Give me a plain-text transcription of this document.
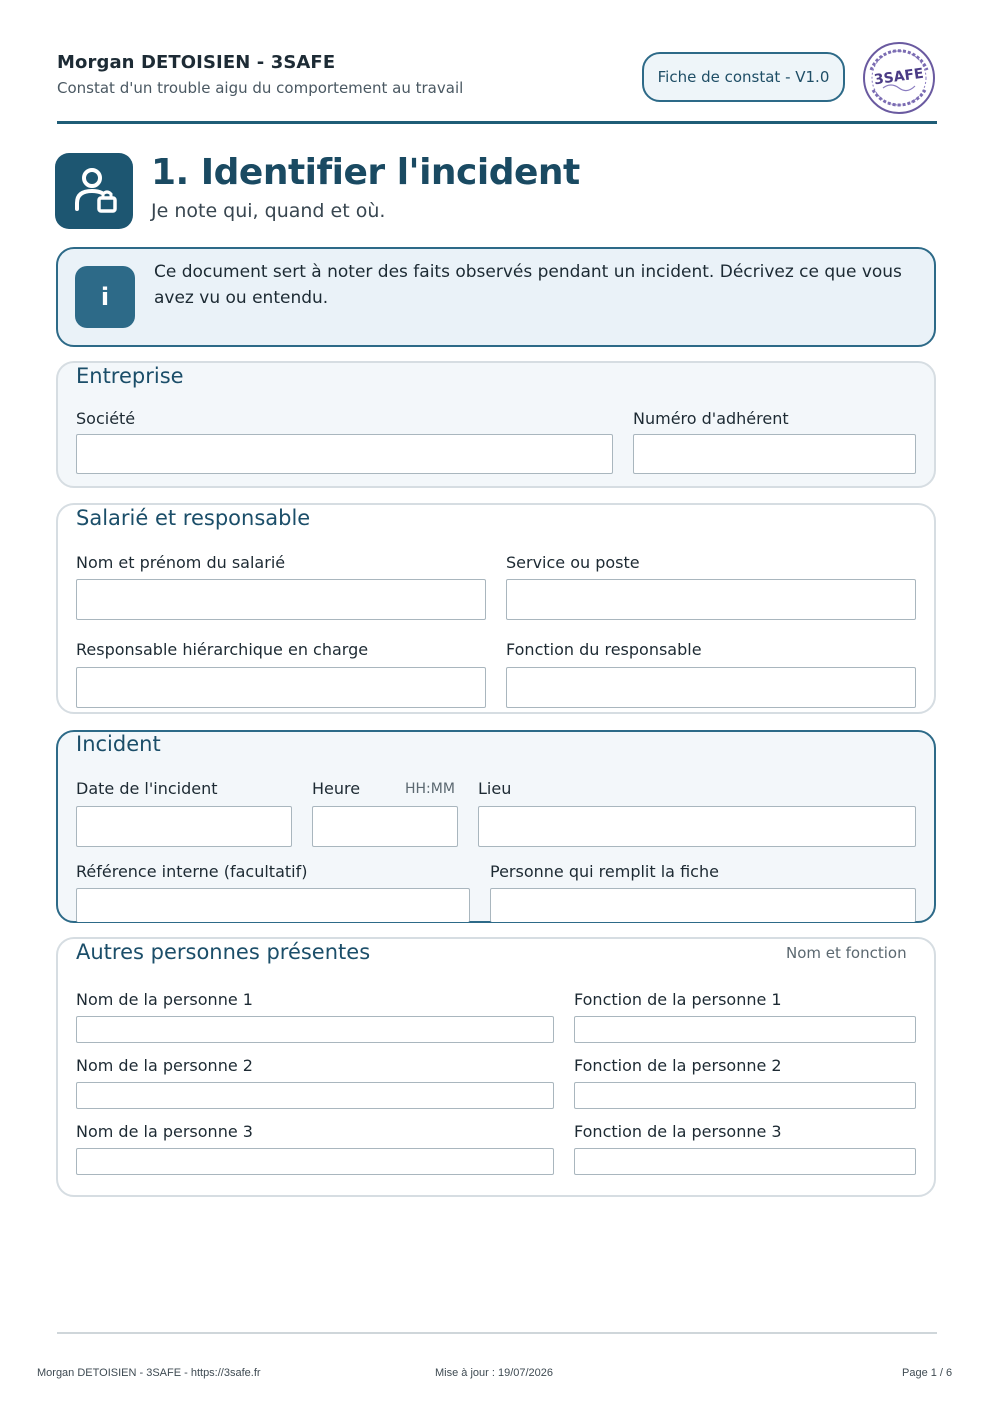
Morgan DETOISIEN - 3SAFE
Constat d'un trouble aigu du comportement au travail
Fiche de constat - V1.0	3SAFE
1. Identifier l'incident
Je note qui, quand et où.
i
Ce document sert à noter des faits observés pendant un incident. Décrivez ce que vous avez vu ou entendu.
Entreprise
Société	Numéro d'adhérent
Salarié et responsable
Nom et prénom du salarié	Service ou poste
Responsable hiérarchique en charge	Fonction du responsable
Incident
Date de l'incident	Heure	HH:MM Lieu
Référence interne (facultatif)	Personne qui remplit la fiche
Autres personnes présentes	Nom et fonction
Nom de la personne 1	Fonction de la personne 1
Nom de la personne 2	Fonction de la personne 2
Nom de la personne 3	Fonction de la personne 3
Morgan DETOISIEN - 3SAFE - https://3safe.fr	Mise à jour : 19/07/2026	Page 1 / 6
